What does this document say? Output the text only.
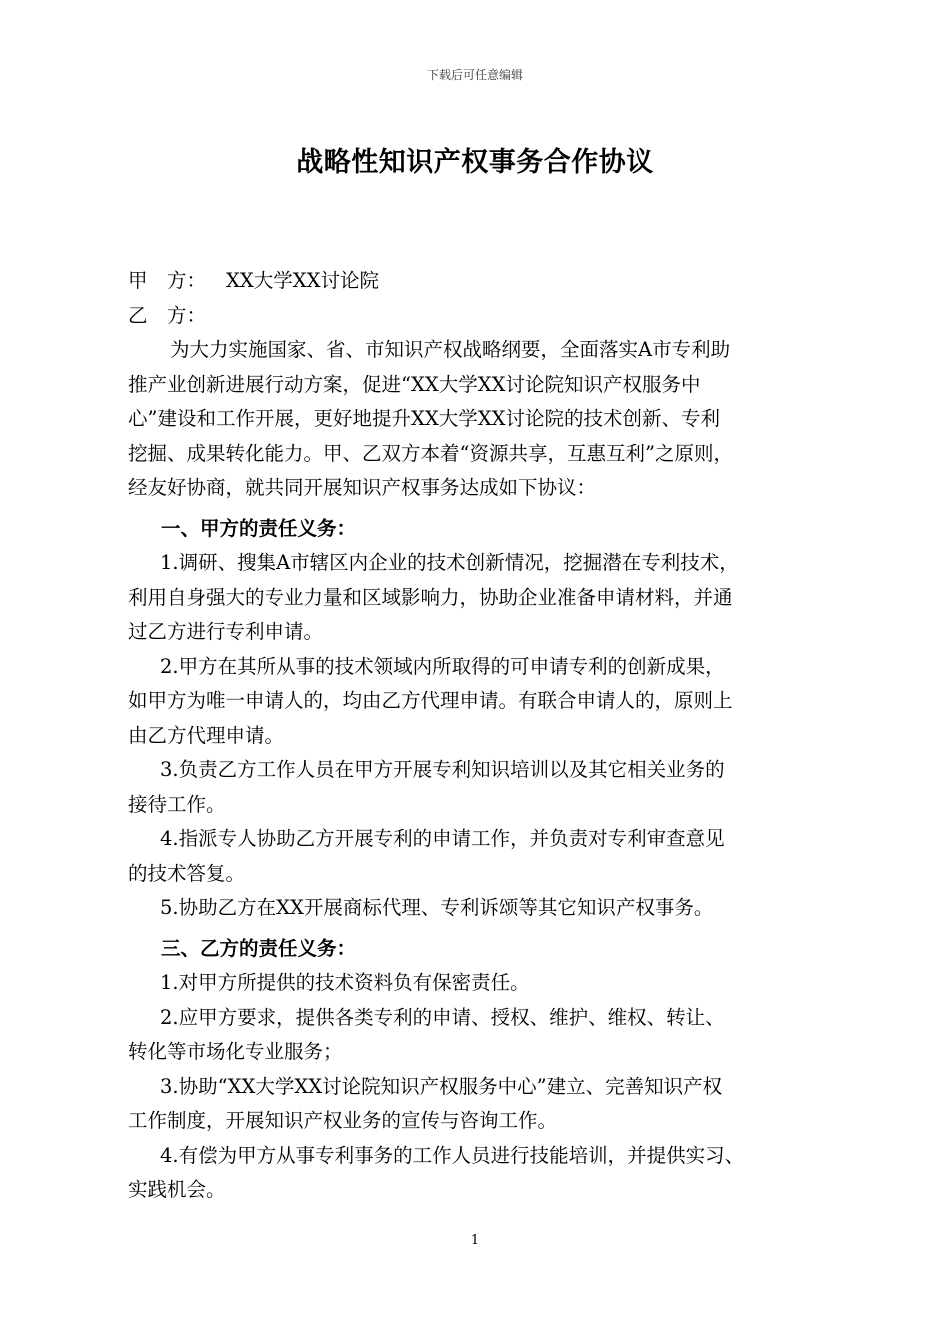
下载后可任意编辑
战略性知识产权事务合作协议
甲　方： XX大学XX讨论院
乙　方：
为大力实施国家、省、市知识产权战略纲要，全面落实A市专利助
推产业创新进展行动方案，促进“XX大学XX讨论院知识产权服务中
心”建设和工作开展，更好地提升XX大学XX讨论院的技术创新、专利
挖掘、成果转化能力。甲、乙双方本着“资源共享，互惠互利”之原则，
经友好协商，就共同开展知识产权事务达成如下协议：
一、甲方的责任义务：
1.调研、搜集A市辖区内企业的技术创新情况，挖掘潜在专利技术，
利用自身强大的专业力量和区域影响力，协助企业准备申请材料，并通
过乙方进行专利申请。
2.甲方在其所从事的技术领域内所取得的可申请专利的创新成果，
如甲方为唯一申请人的，均由乙方代理申请。有联合申请人的，原则上
由乙方代理申请。
3.负责乙方工作人员在甲方开展专利知识培训以及其它相关业务的
接待工作。
4.指派专人协助乙方开展专利的申请工作，并负责对专利审查意见
的技术答复。
5.协助乙方在XX开展商标代理、专利诉颂等其它知识产权事务。
三、乙方的责任义务：
1.对甲方所提供的技术资料负有保密责任。
2.应甲方要求，提供各类专利的申请、授权、维护、维权、转让、
转化等市场化专业服务；
3.协助“XX大学XX讨论院知识产权服务中心”建立、完善知识产权
工作制度，开展知识产权业务的宣传与咨询工作。
4.有偿为甲方从事专利事务的工作人员进行技能培训，并提供实习、
实践机会。
1
